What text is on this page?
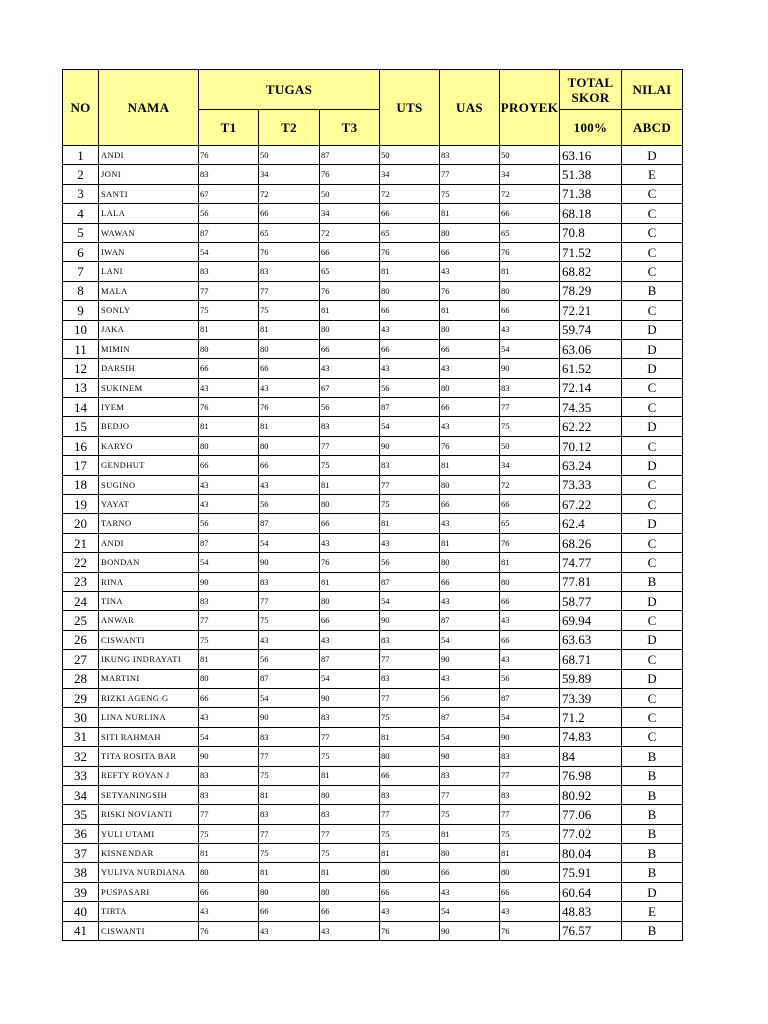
NO	NAMA	TUGAS			UTS	UAS	PROYEK	TOTAL
SKOR	NILAI
		T1	T2	T3				100%	ABCD
1	ANDI	76	50	87	50	83	50	63.16	D
2	JONI	83	34	76	34	77	34	51.38	E
3	SANTI	67	72	50	72	75	72	71.38	C
4	LALA	56	66	34	66	81	66	68.18	C
5	WAWAN	87	65	72	65	80	65	70.8	C
6	IWAN	54	76	66	76	66	76	71.52	C
7	LANI	83	83	65	81	43	81	68.82	C
8	MALA	77	77	76	80	76	80	78.29	B
9	SONLY	75	75	81	66	81	66	72.21	C
10	JAKA	81	81	80	43	80	43	59.74	D
11	MIMIN	80	80	66	66	66	54	63.06	D
12	DARSIH	66	66	43	43	43	90	61.52	D
13	SUKINEM	43	43	67	56	80	83	72.14	C
14	IYEM	76	76	56	87	66	77	74.35	C
15	BEDJO	81	81	83	54	43	75	62.22	D
16	KARYO	80	80	77	90	76	50	70.12	C
17	GENDHUT	66	66	75	83	81	34	63.24	D
18	SUGINO	43	43	81	77	80	72	73.33	C
19	YAYAT	43	56	80	75	66	66	67.22	C
20	TARNO	56	87	66	81	43	65	62.4	D
21	ANDI	87	54	43	43	81	76	68.26	C
22	BONDAN	54	90	76	56	80	81	74.77	C
23	RINA	90	83	81	87	66	80	77.81	B
24	TINA	83	77	80	54	43	66	58.77	D
25	ANWAR	77	75	66	90	87	43	69.94	C
26	CISWANTI	75	43	43	83	54	66	63.63	D
27	IKUNG INDRAYATI	81	56	87	77	90	43	68.71	C
28	MARTINI	80	87	54	83	43	56	59.89	D
29	RIZKI AGENG G	66	54	90	77	56	87	73.39	C
30	LINA NURLINA	43	90	83	75	87	54	71.2	C
31	SITI RAHMAH	54	83	77	81	54	90	74.83	C
32	TITA ROSITA BAR	90	77	75	80	90	83	84	B
33	REFTY ROYAN J	83	75	81	66	83	77	76.98	B
34	SETYANINGSIH	83	81	80	83	77	83	80.92	B
35	RISKI NOVIANTI	77	83	83	77	75	77	77.06	B
36	YULI UTAMI	75	77	77	75	81	75	77.02	B
37	KISNENDAR	81	75	75	81	80	81	80.04	B
38	YULIVA NURDIANA	80	81	81	80	66	80	75.91	B
39	PUSPASARI	66	80	80	66	43	66	60.64	D
40	TIRTA	43	66	66	43	54	43	48.83	E
41	CISWANTI	76	43	43	76	90	76	76.57	B
